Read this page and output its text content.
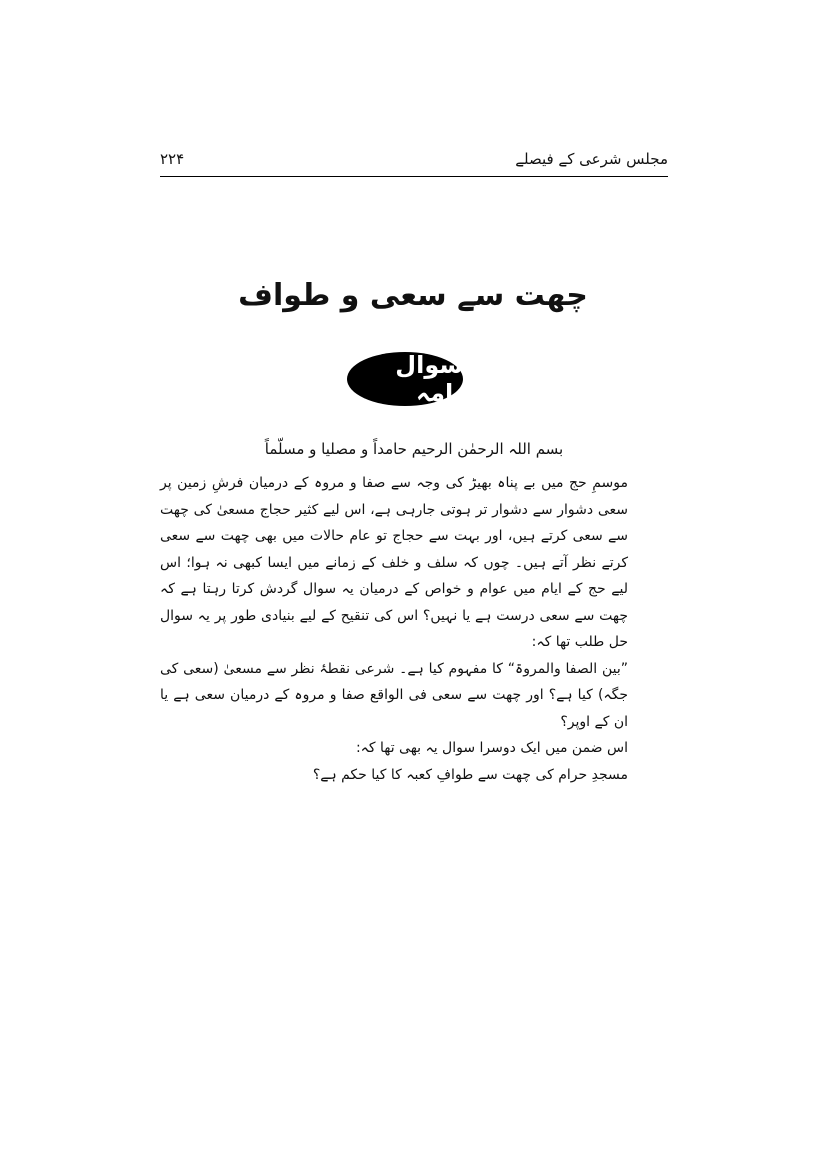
مجلس شرعی کے فیصلے
۲۲۴
چھت سے سعی و طواف
سوال نامہ
بسم اللہ الرحمٰن الرحیم حامداً و مصلیا و مسلّماً

موسمِ حج میں بے پناہ بھیڑ کی وجہ سے صفا و مروہ کے درمیان فرشِ زمین پر سعی دشوار سے دشوار تر ہوتی جارہی ہے، اس لیے کثیر حجاج مسعیٰ کی چھت سے سعی کرتے ہیں، اور بہت سے حجاج تو عام حالات میں بھی چھت سے سعی کرتے نظر آتے ہیں۔ چوں کہ سلف و خلف کے زمانے میں ایسا کبھی نہ ہوا؛ اس لیے حج کے ایام میں عوام و خواص کے درمیان یہ سوال گردش کرتا رہتا ہے کہ چھت سے سعی درست ہے یا نہیں؟ اس کی تنقیح کے لیے بنیادی طور پر یہ سوال حل طلب تھا کہ:

”بین الصفا والمروۃ“ کا مفہوم کیا ہے۔ شرعی نقطۂ نظر سے مسعیٰ (سعی کی جگہ) کیا ہے؟ اور چھت سے سعی فی الواقع صفا و مروہ کے درمیان سعی ہے یا ان کے اوپر؟

اس ضمن میں ایک دوسرا سوال یہ بھی تھا کہ:

مسجدِ حرام کی چھت سے طوافِ کعبہ کا کیا حکم ہے؟
